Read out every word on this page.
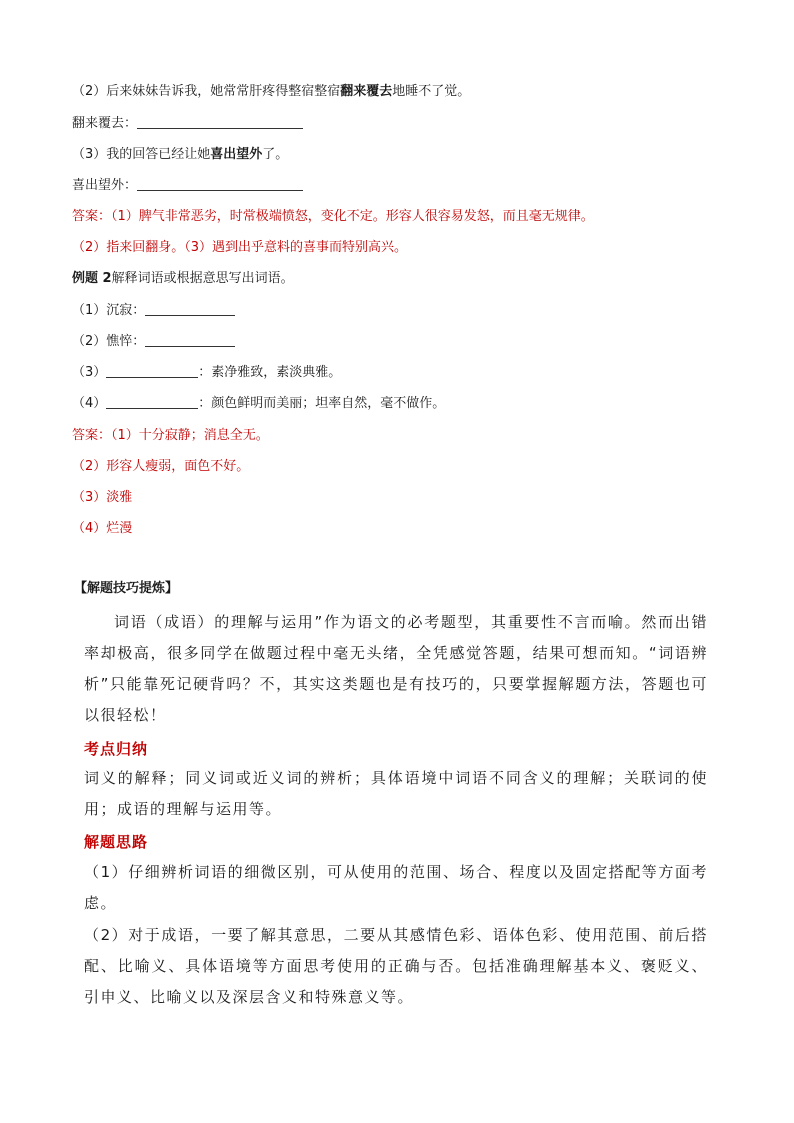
（2）后来妹妹告诉我，她常常肝疼得整宿整宿翻来覆去地睡不了觉。
翻来覆去：
（3）我的回答已经让她喜出望外了。
喜出望外：
答案：（1）脾气非常恶劣，时常极端愤怒，变化不定。形容人很容易发怒，而且毫无规律。
（2）指来回翻身。（3）遇到出乎意料的喜事而特别高兴。
例题 2解释词语或根据意思写出词语。
（1）沉寂：
（2）憔悴：
（3）	：素净雅致，素淡典雅。
（4）	：颜色鲜明而美丽；坦率自然，毫不做作。
答案：（1）十分寂静；消息全无。
（2）形容人瘦弱，面色不好。
（3）淡雅
（4）烂漫
【解题技巧提炼】
词语（成语）的理解与运用”作为语文的必考题型，其重要性不言而喻。然而出错率却极高，很多同学在做题过程中毫无头绪，全凭感觉答题，结果可想而知。“词语辨析”只能靠死记硬背吗？不，其实这类题也是有技巧的，只要掌握解题方法，答题也可以很轻松！
考点归纳
词义的解释；同义词或近义词的辨析；具体语境中词语不同含义的理解；关联词的使用；成语的理解与运用等。
解题思路
（1）仔细辨析词语的细微区别，可从使用的范围、场合、程度以及固定搭配等方面考虑。
（2）对于成语，一要了解其意思，二要从其感情色彩、语体色彩、使用范围、前后搭配、比喻义、具体语境等方面思考使用的正确与否。包括准确理解基本义、褒贬义、引申义、比喻义以及深层含义和特殊意义等。
